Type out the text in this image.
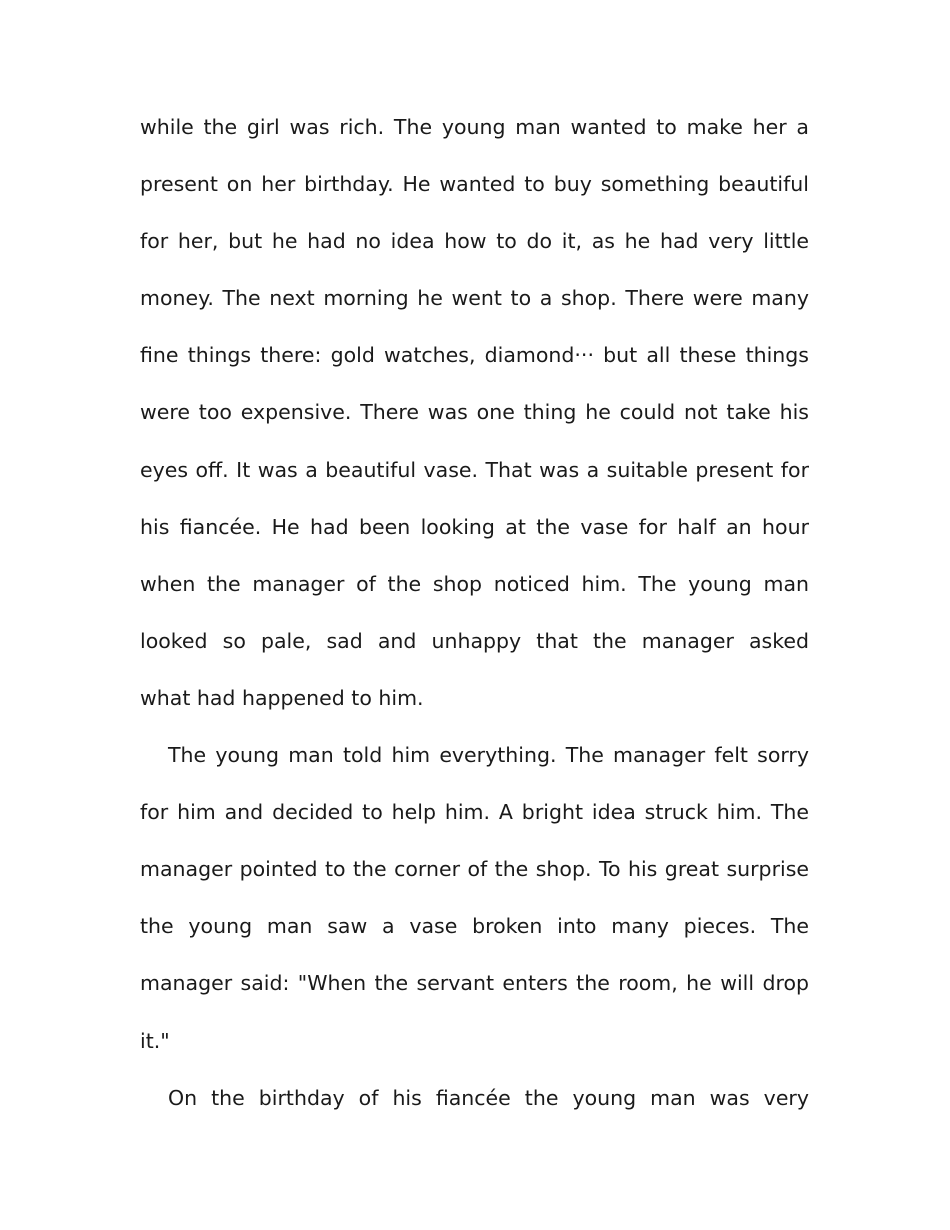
while the girl was rich. The young man wanted to make her a
present on her birthday. He wanted to buy something beautiful
for her, but he had no idea how to do it, as he had very little
money. The next morning he went to a shop. There were many
fine things there: gold watches, diamond··· but all these things
were too expensive. There was one thing he could not take his
eyes off. It was a beautiful vase. That was a suitable present for
his fiancée. He had been looking at the vase for half an hour
when the manager of the shop noticed him. The young man
looked so pale, sad and unhappy that the manager asked
what had happened to him.
The young man told him everything. The manager felt sorry
for him and decided to help him. A bright idea struck him. The
manager pointed to the corner of the shop. To his great surprise
the young man saw a vase broken into many pieces. The
manager said: "When the servant enters the room, he will drop
it."
On the birthday of his fiancée the young man was very
